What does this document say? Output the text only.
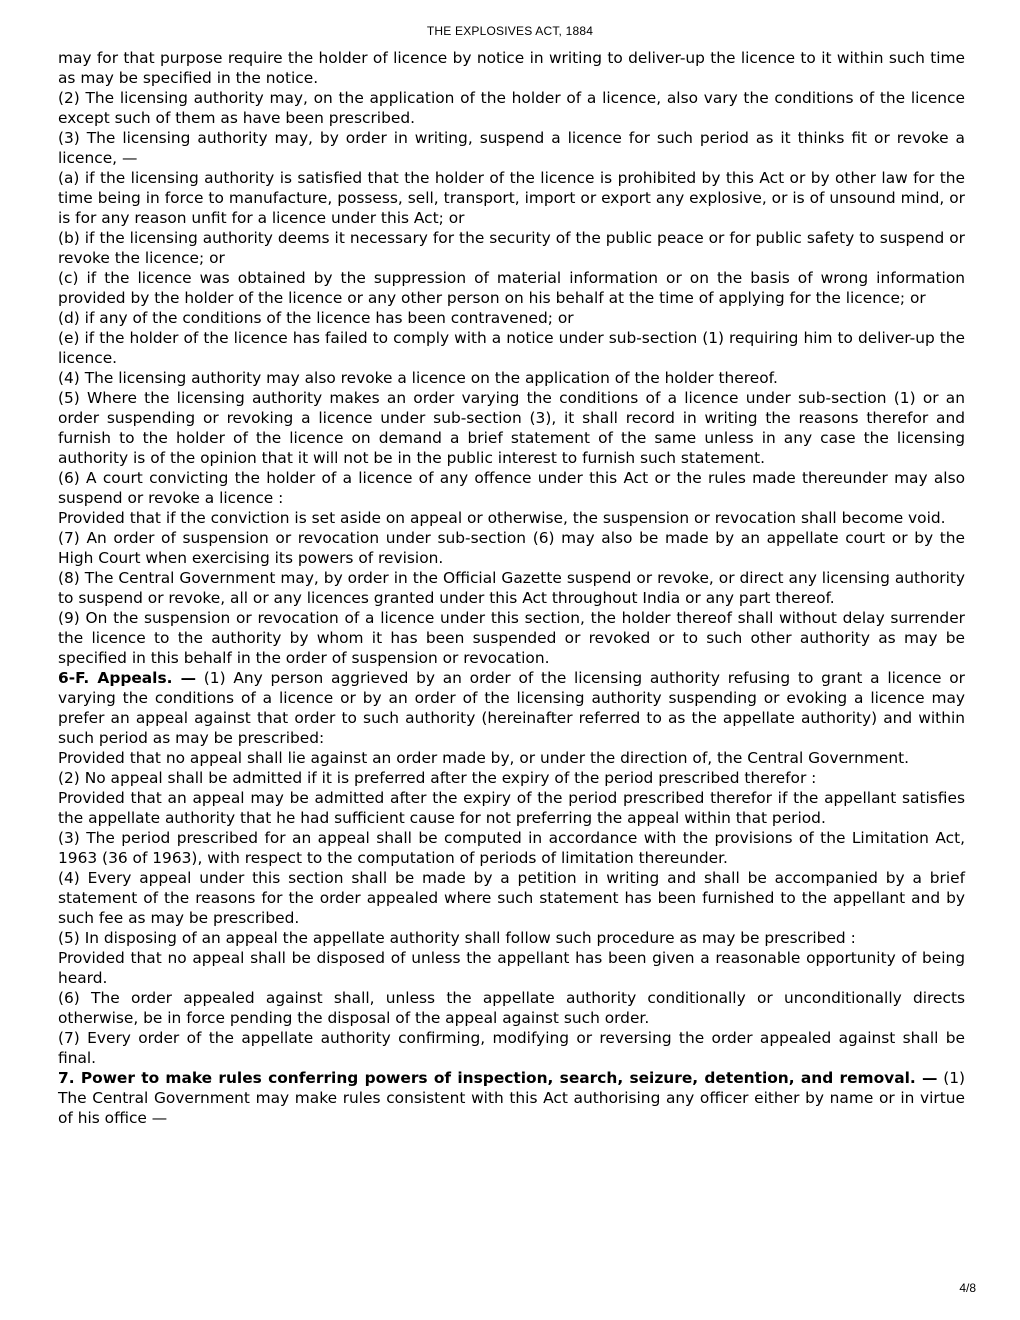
THE EXPLOSIVES ACT, 1884

may for that purpose require the holder of licence by notice in writing to deliver-up the licence to it within such time as may be specified in the notice.

(2) The licensing authority may, on the application of the holder of a licence, also vary the conditions of the licence except such of them as have been prescribed.

(3) The licensing authority may, by order in writing, suspend a licence for such period as it thinks fit or revoke a licence, —

(a) if the licensing authority is satisfied that the holder of the licence is prohibited by this Act or by other law for the time being in force to manufacture, possess, sell, transport, import or export any explosive, or is of unsound mind, or is for any reason unfit for a licence under this Act; or

(b) if the licensing authority deems it necessary for the security of the public peace or for public safety to suspend or revoke the licence; or

(c) if the licence was obtained by the suppression of material information or on the basis of wrong information provided by the holder of the licence or any other person on his behalf at the time of applying for the licence; or

(d) if any of the conditions of the licence has been contravened; or

(e) if the holder of the licence has failed to comply with a notice under sub-section (1) requiring him to deliver-up the licence.

(4) The licensing authority may also revoke a licence on the application of the holder thereof.

(5) Where the licensing authority makes an order varying the conditions of a licence under sub-section (1) or an order suspending or revoking a licence under sub-section (3), it shall record in writing the reasons therefor and furnish to the holder of the licence on demand a brief statement of the same unless in any case the licensing authority is of the opinion that it will not be in the public interest to furnish such statement.

(6) A court convicting the holder of a licence of any offence under this Act or the rules made thereunder may also suspend or revoke a licence :

Provided that if the conviction is set aside on appeal or otherwise, the suspension or revocation shall become void.

(7) An order of suspension or revocation under sub-section (6) may also be made by an appellate court or by the High Court when exercising its powers of revision.

(8) The Central Government may, by order in the Official Gazette suspend or revoke, or direct any licensing authority to suspend or revoke, all or any licences granted under this Act throughout India or any part thereof.

(9) On the suspension or revocation of a licence under this section, the holder thereof shall without delay surrender the licence to the authority by whom it has been suspended or revoked or to such other authority as may be specified in this behalf in the order of suspension or revocation.

6-F. Appeals. — (1) Any person aggrieved by an order of the licensing authority refusing to grant a licence or varying the conditions of a licence or by an order of the licensing authority suspending or evoking a licence may prefer an appeal against that order to such authority (hereinafter referred to as the appellate authority) and within such period as may be prescribed:

Provided that no appeal shall lie against an order made by, or under the direction of, the Central Government.

(2) No appeal shall be admitted if it is preferred after the expiry of the period prescribed therefor :

Provided that an appeal may be admitted after the expiry of the period prescribed therefor if the appellant satisfies the appellate authority that he had sufficient cause for not preferring the appeal within that period.

(3) The period prescribed for an appeal shall be computed in accordance with the provisions of the Limitation Act, 1963 (36 of 1963), with respect to the computation of periods of limitation thereunder.

(4) Every appeal under this section shall be made by a petition in writing and shall be accompanied by a brief statement of the reasons for the order appealed where such statement has been furnished to the appellant and by such fee as may be prescribed.

(5) In disposing of an appeal the appellate authority shall follow such procedure as may be prescribed :

Provided that no appeal shall be disposed of unless the appellant has been given a reasonable opportunity of being heard.

(6) The order appealed against shall, unless the appellate authority conditionally or unconditionally directs otherwise, be in force pending the disposal of the appeal against such order.

(7) Every order of the appellate authority confirming, modifying or reversing the order appealed against shall be final.

7. Power to make rules conferring powers of inspection, search, seizure, detention, and removal. — (1) The Central Government may make rules consistent with this Act authorising any officer either by name or in virtue of his office —

4/8
